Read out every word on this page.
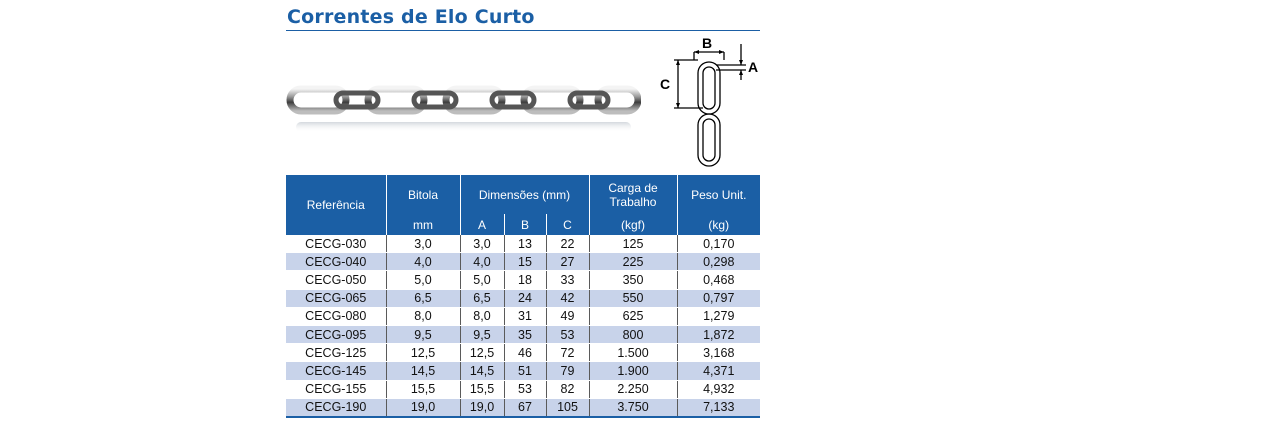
Correntes de Elo Curto
B
C
A
Referência	Bitola	Dimensões (mm)			Carga de Trabalho	Peso Unit.
	mm	A	B	C	(kgf)	(kg)
CECG-030	3,0	3,0	13	22	125	0,170
CECG-040	4,0	4,0	15	27	225	0,298
CECG-050	5,0	5,0	18	33	350	0,468
CECG-065	6,5	6,5	24	42	550	0,797
CECG-080	8,0	8,0	31	49	625	1,279
CECG-095	9,5	9,5	35	53	800	1,872
CECG-125	12,5	12,5	46	72	1.500	3,168
CECG-145	14,5	14,5	51	79	1.900	4,371
CECG-155	15,5	15,5	53	82	2.250	4,932
CECG-190	19,0	19,0	67	105	3.750	7,133
